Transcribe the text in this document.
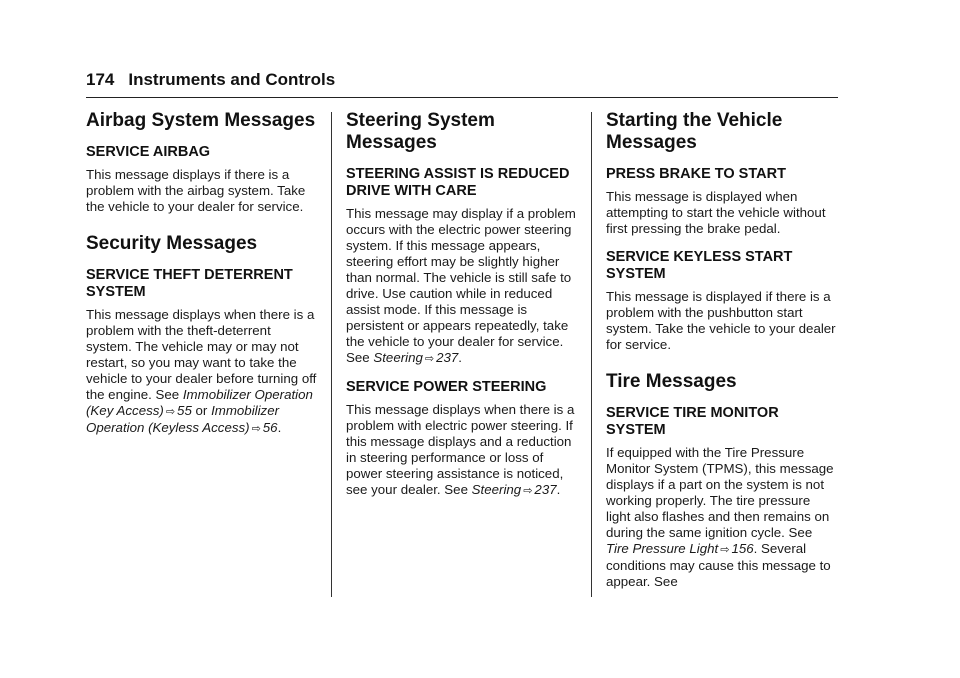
174 Instruments and Controls
Airbag System Messages
SERVICE AIRBAG

This message displays if there is a problem with the airbag system. Take the vehicle to your dealer for service.

Security Messages
SERVICE THEFT DETERRENT SYSTEM

This message displays when there is a problem with the theft-deterrent system. The vehicle may or may not restart, so you may want to take the vehicle to your dealer before turning off the engine. See Immobilizer Operation (Key Access) ⇨ 55 or Immobilizer Operation (Keyless Access) ⇨ 56.

Steering System Messages
STEERING ASSIST IS REDUCED DRIVE WITH CARE

This message may display if a problem occurs with the electric power steering system. If this message appears, steering effort may be slightly higher than normal. The vehicle is still safe to drive. Use caution while in reduced assist mode. If this message is persistent or appears repeatedly, take the vehicle to your dealer for service. See Steering ⇨ 237.

SERVICE POWER STEERING

This message displays when there is a problem with electric power steering. If this message displays and a reduction in steering performance or loss of power steering assistance is noticed, see your dealer. See Steering ⇨ 237.

Starting the Vehicle Messages
PRESS BRAKE TO START

This message is displayed when attempting to start the vehicle without first pressing the brake pedal.

SERVICE KEYLESS START SYSTEM

This message is displayed if there is a problem with the pushbutton start system. Take the vehicle to your dealer for service.

Tire Messages
SERVICE TIRE MONITOR SYSTEM

If equipped with the Tire Pressure Monitor System (TPMS), this message displays if a part on the system is not working properly. The tire pressure light also flashes and then remains on during the same ignition cycle. See Tire Pressure Light ⇨ 156. Several conditions may cause this message to appear. See
